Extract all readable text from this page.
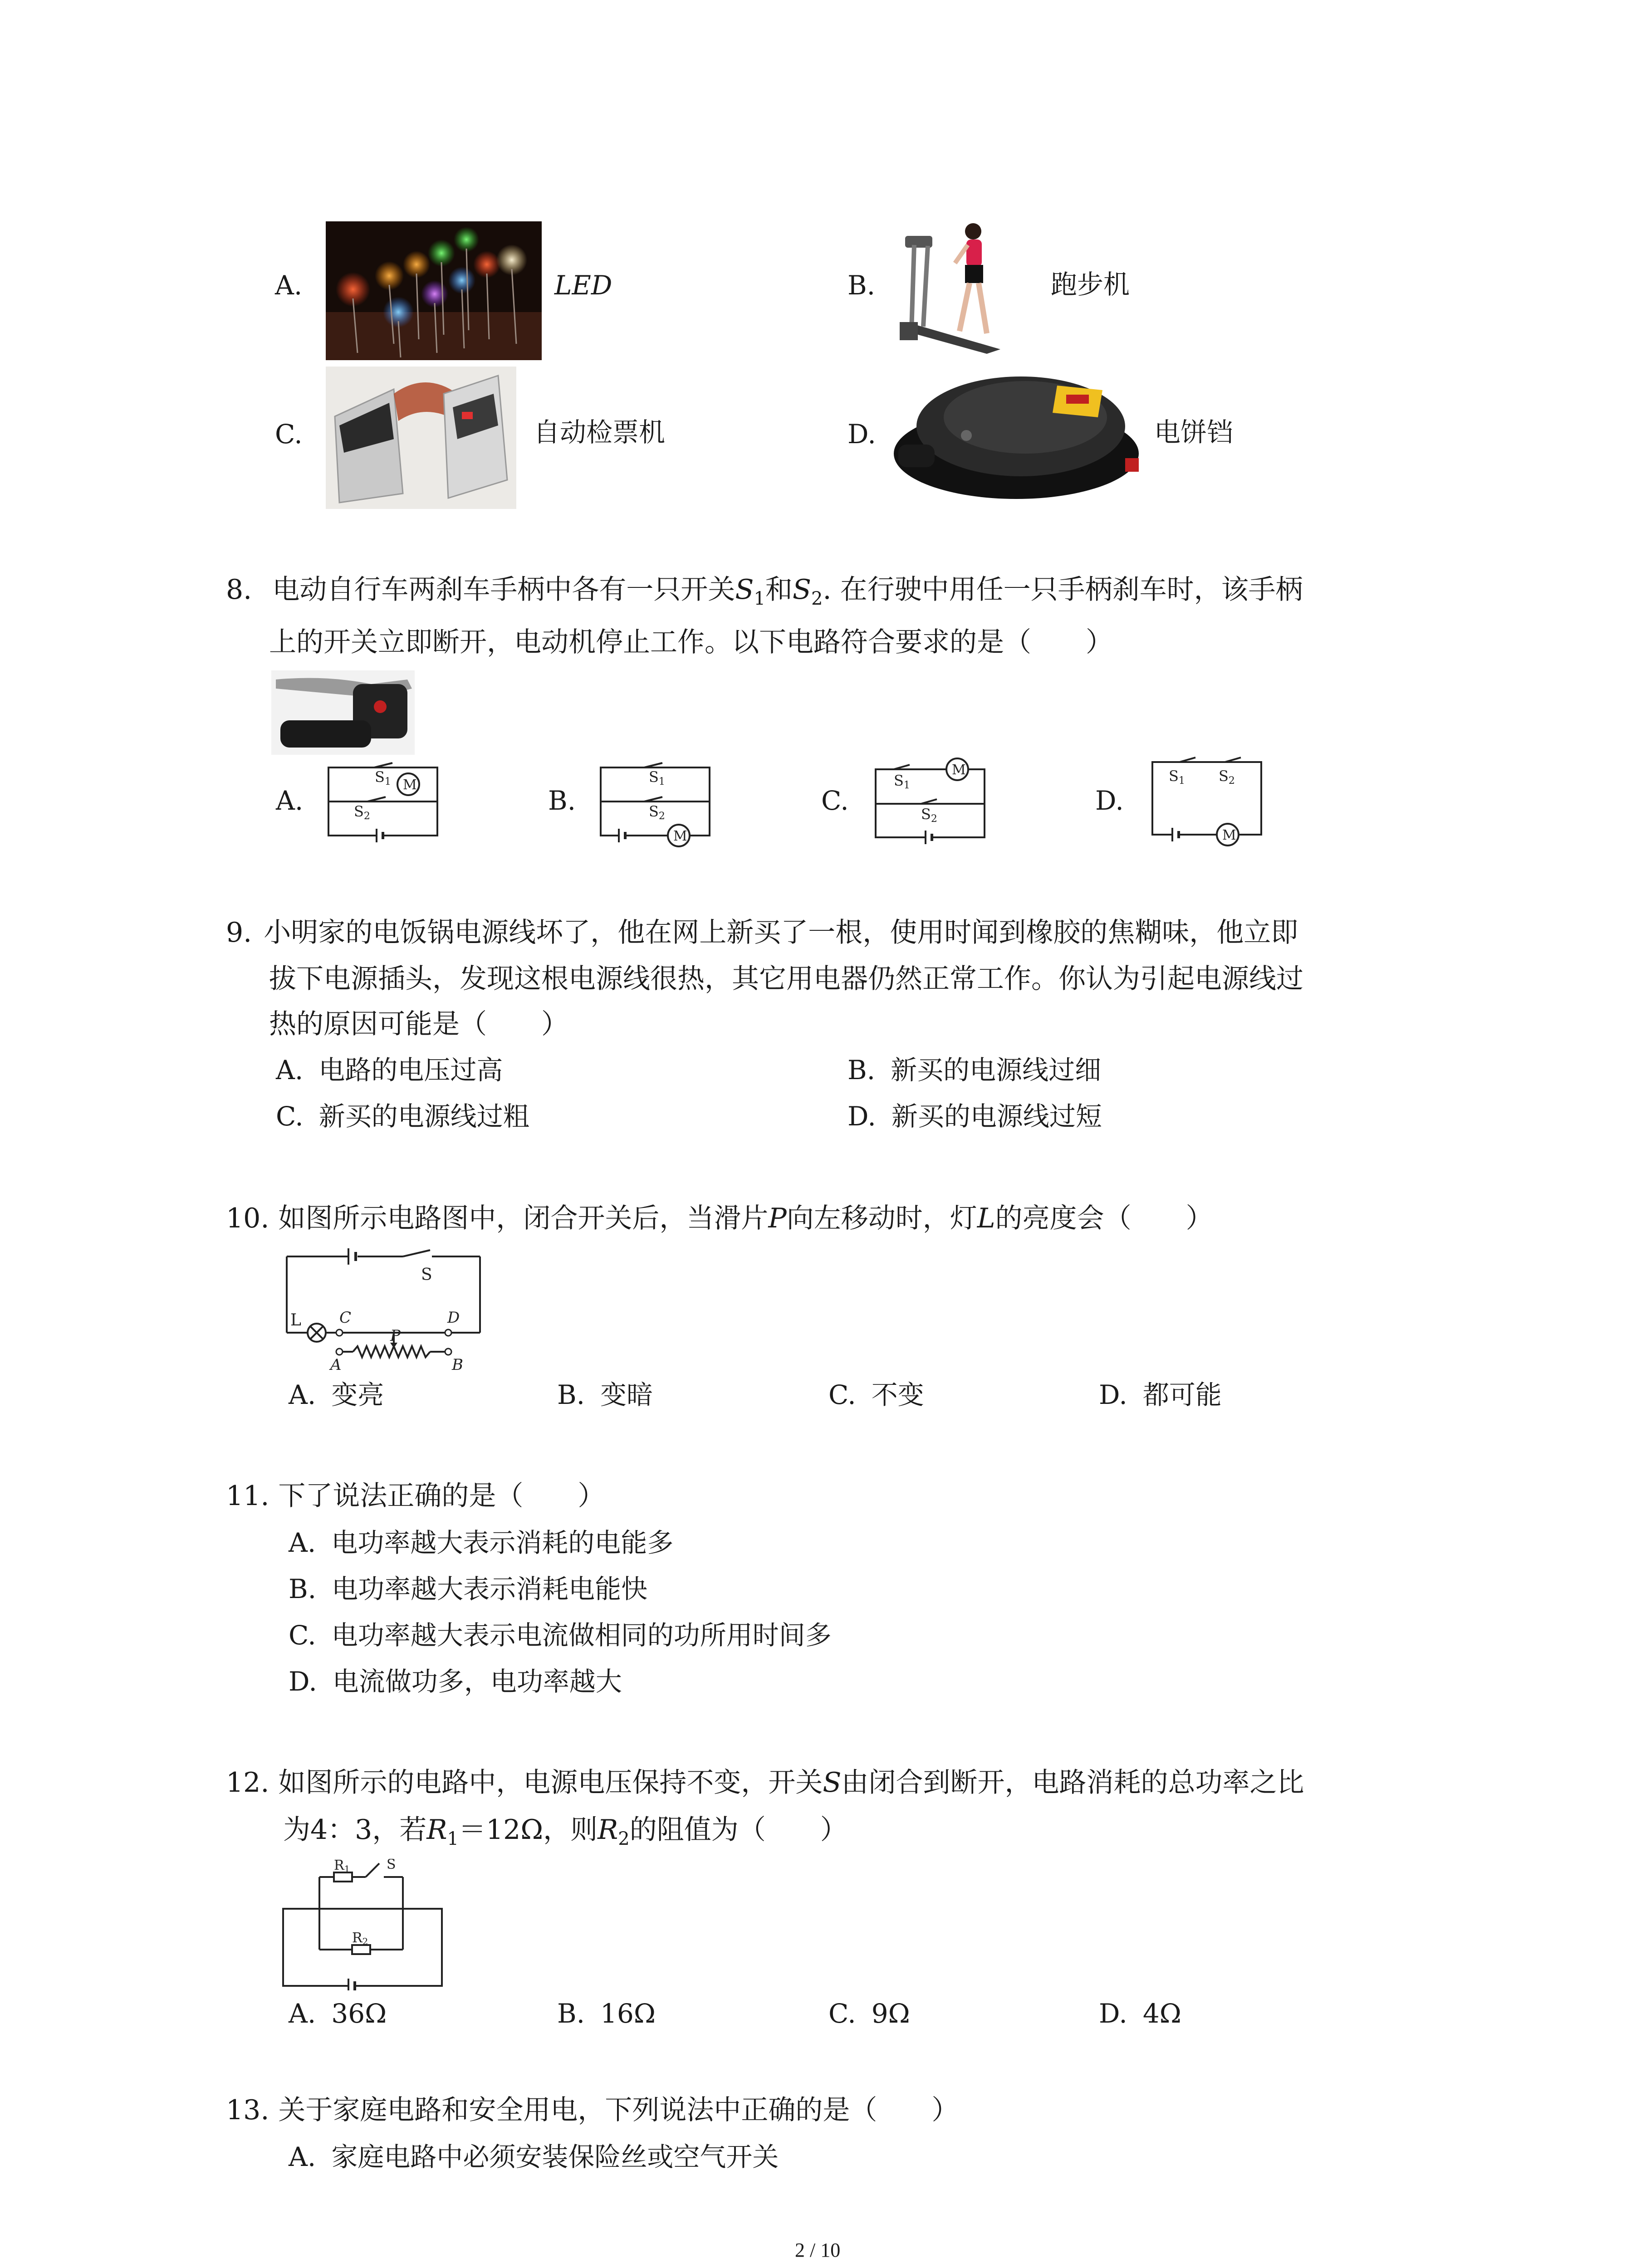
A.	LED	B.	跑步机
C.	自动检票机	D.	电饼铛
8. 电动自行车两刹车手柄中各有一只开关$S_1$和$S_2$. 在行驶中用任一只手柄刹车时，该手柄
上的开关立即断开，电动机停止工作。以下电路符合要求的是（　　）
A.
S1
S2
M
B.
S1
S2
M
C.
S1
S2
M
D.
S1 S2
M
9. 小明家的电饭锅电源线坏了，他在网上新买了一根，使用时闻到橡胶的焦糊味，他立即
拔下电源插头，发现这根电源线很热，其它用电器仍然正常工作。你认为引起电源线过
热的原因可能是（　　）
A. 电路的电压过高	B. 新买的电源线过细
C. 新买的电源线过粗	D. 新买的电源线过短
10. 如图所示电路图中，闭合开关后，当滑片P向左移动时，灯L的亮度会（　　）
S
L C	D
P
A	B
A. 变亮	B. 变暗	C. 不变	D. 都可能
11. 下了说法正确的是（　　）
A. 电功率越大表示消耗的电能多
B. 电功率越大表示消耗电能快
C. 电功率越大表示电流做相同的功所用时间多
D. 电流做功多，电功率越大
12. 如图所示的电路中，电源电压保持不变，开关S由闭合到断开，电路消耗的总功率之比
为4：3，若$R_1=12\Omega$，则$R_2$的阻值为（　　）
R1	S
R2
A. 36Ω	B. 16Ω	C. 9Ω	D. 4Ω
13. 关于家庭电路和安全用电，下列说法中正确的是（　　）
A. 家庭电路中必须安装保险丝或空气开关
2 / 10
